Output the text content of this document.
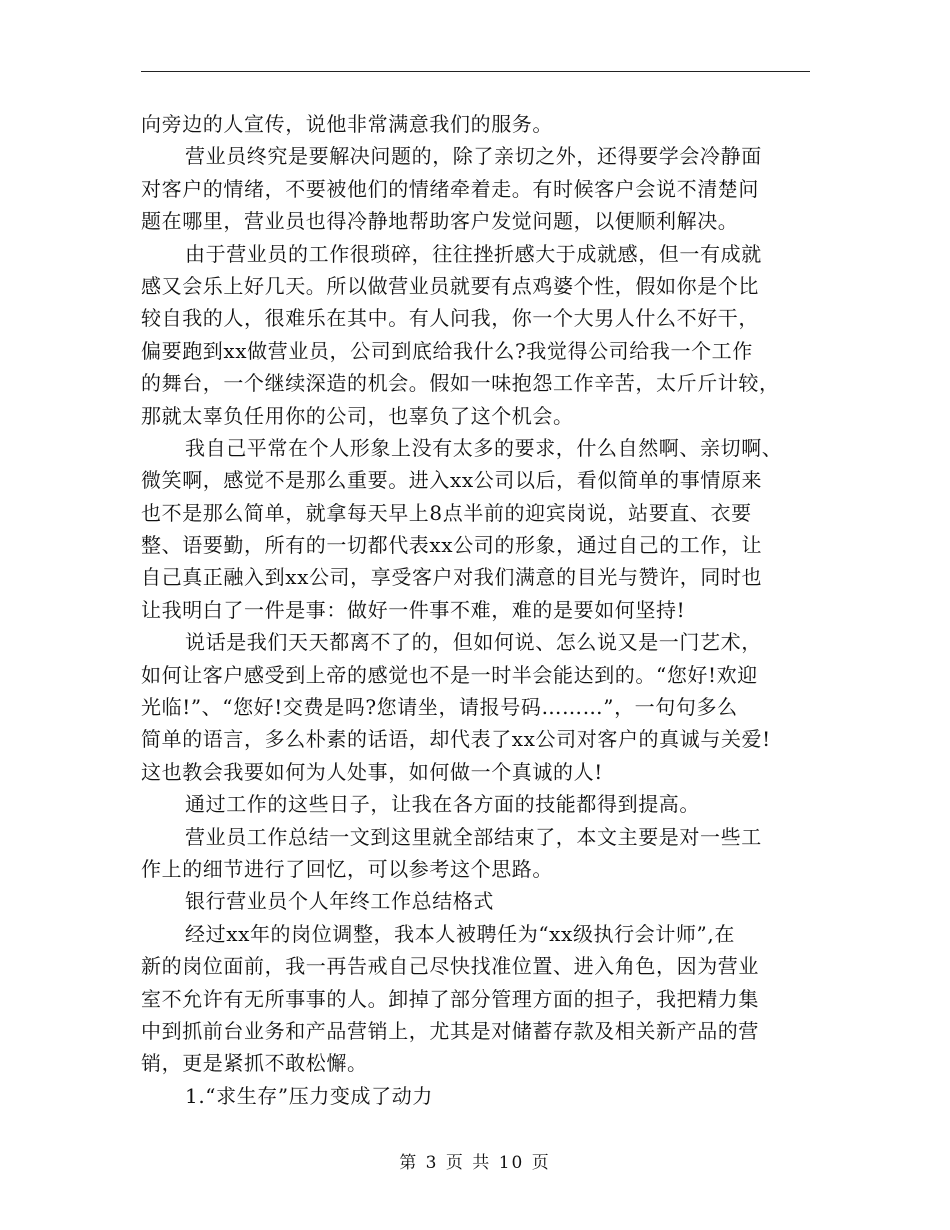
向旁边的人宣传，说他非常满意我们的服务。
营业员终究是要解决问题的，除了亲切之外，还得要学会冷静面
对客户的情绪，不要被他们的情绪牵着走。有时候客户会说不清楚问
题在哪里，营业员也得冷静地帮助客户发觉问题，以便顺利解决。
由于营业员的工作很琐碎，往往挫折感大于成就感，但一有成就
感又会乐上好几天。所以做营业员就要有点鸡婆个性，假如你是个比
较自我的人，很难乐在其中。有人问我，你一个大男人什么不好干，
偏要跑到xx做营业员，公司到底给我什么?我觉得公司给我一个工作
的舞台，一个继续深造的机会。假如一味抱怨工作辛苦，太斤斤计较，
那就太辜负任用你的公司，也辜负了这个机会。
我自己平常在个人形象上没有太多的要求，什么自然啊、亲切啊、
微笑啊，感觉不是那么重要。进入xx公司以后，看似简单的事情原来
也不是那么简单，就拿每天早上8点半前的迎宾岗说，站要直、衣要
整、语要勤，所有的一切都代表xx公司的形象，通过自己的工作，让
自己真正融入到xx公司，享受客户对我们满意的目光与赞许，同时也
让我明白了一件是事：做好一件事不难，难的是要如何坚持!
说话是我们天天都离不了的，但如何说、怎么说又是一门艺术，
如何让客户感受到上帝的感觉也不是一时半会能达到的。“您好!欢迎
光临!”、“您好!交费是吗?您请坐，请报号码………”，一句句多么
简单的语言，多么朴素的话语，却代表了xx公司对客户的真诚与关爱!
这也教会我要如何为人处事，如何做一个真诚的人!
通过工作的这些日子，让我在各方面的技能都得到提高。
营业员工作总结一文到这里就全部结束了，本文主要是对一些工
作上的细节进行了回忆，可以参考这个思路。
银行营业员个人年终工作总结格式
经过xx年的岗位调整，我本人被聘任为“xx级执行会计师”,在
新的岗位面前，我一再告戒自己尽快找准位置、进入角色，因为营业
室不允许有无所事事的人。卸掉了部分管理方面的担子，我把精力集
中到抓前台业务和产品营销上，尤其是对储蓄存款及相关新产品的营
销，更是紧抓不敢松懈。
1.“求生存”压力变成了动力
第 3 页 共 10 页
